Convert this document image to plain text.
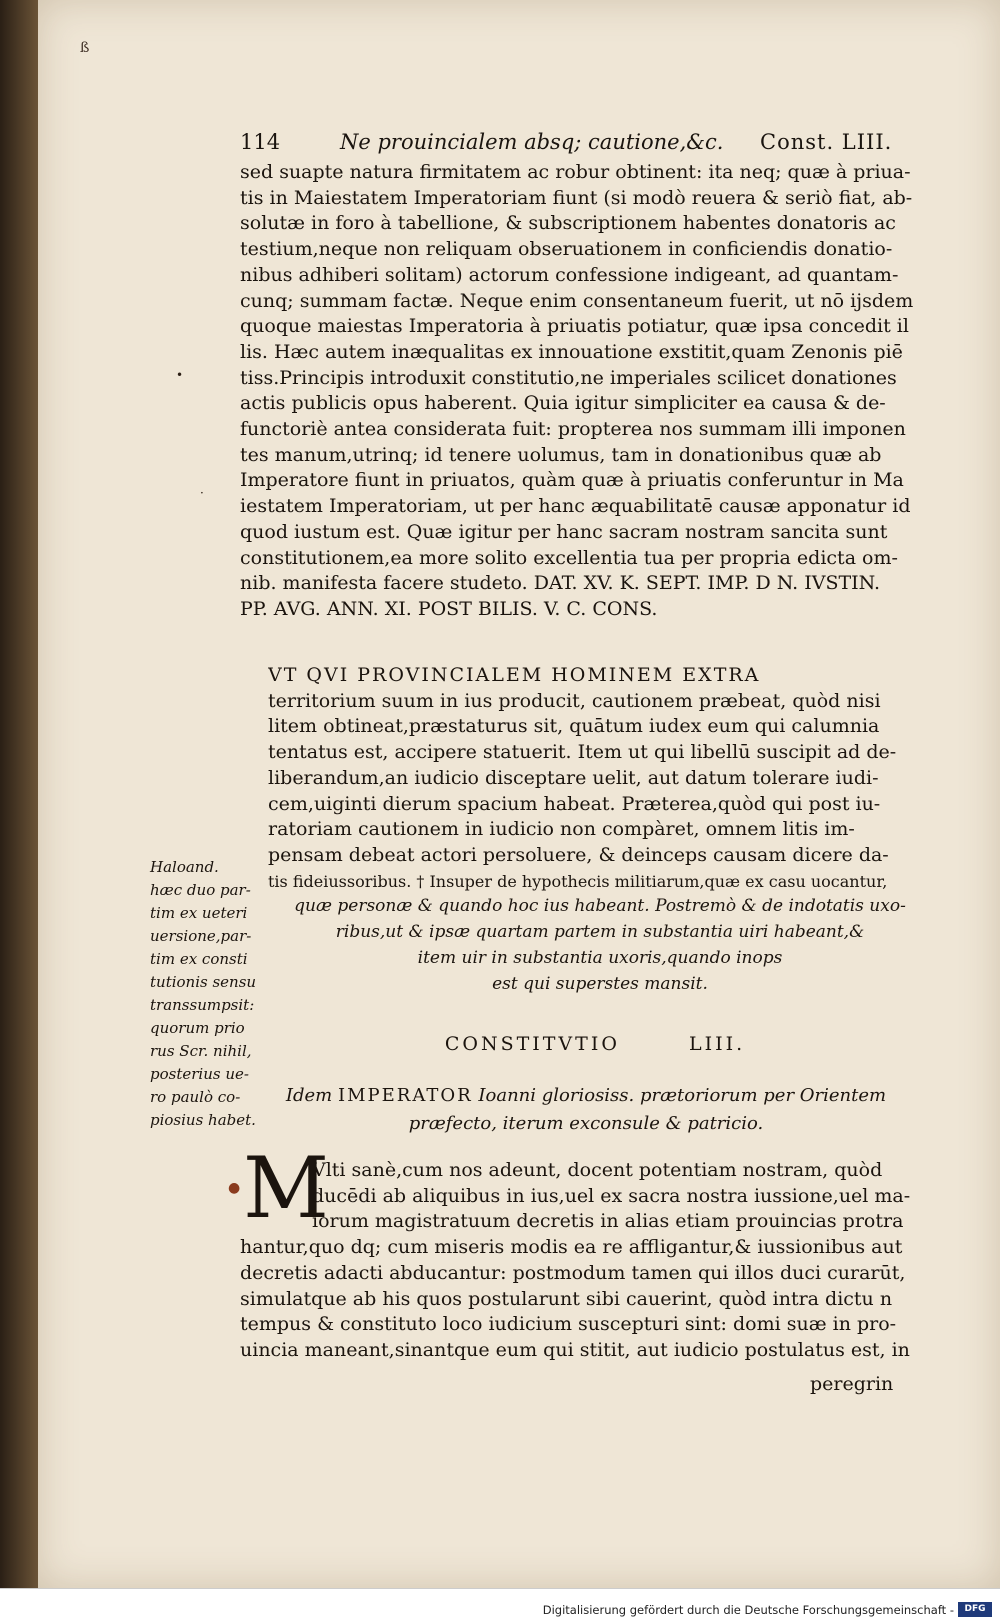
ß
114	Ne prouincialem absq; cautione,&c. Const. LIII.
sed suapte natura firmitatem ac robur obtinent: ita neq; quæ à priua-
tis in Maiestatem Imperatoriam fiunt (si modò reuera & seriò fiat, ab-
solutæ in foro à tabellione, & subscriptionem habentes donatoris ac
testium,neque non reliquam obseruationem in conficiendis donatio-
nibus adhiberi solitam) actorum confessione indigeant, ad quantam-
cunq; summam factæ. Neque enim consentaneum fuerit, ut nō ijsdem
quoque maiestas Imperatoria à priuatis potiatur, quæ ipsa concedit il
lis. Hæc autem inæqualitas ex innouatione exstitit,quam Zenonis piē
tiss.Principis introduxit constitutio,ne imperiales scilicet donationes
actis publicis opus haberent. Quia igitur simpliciter ea causa & de-
functoriè antea considerata fuit: propterea nos summam illi imponen
tes manum,utrinq; id tenere uolumus, tam in donationibus quæ ab
Imperatore fiunt in priuatos, quàm quæ à priuatis conferuntur in Ma
iestatem Imperatoriam, ut per hanc æquabilitatē causæ apponatur id
quod iustum est. Quæ igitur per hanc sacram nostram sancita sunt
constitutionem,ea more solito excellentia tua per propria edicta om-
nib. manifesta facere studeto. DAT. XV. K. SEPT. IMP. D N. IVSTIN.
PP. AVG. ANN. XI. POST BILIS. V. C. CONS.
•
·
VT QVI PROVINCIALEM HOMINEM EXTRA
territorium suum in ius producit, cautionem præbeat, quòd nisi
litem obtineat,præstaturus sit, quātum iudex eum qui calumnia
tentatus est, accipere statuerit. Item ut qui libellū suscipit ad de-
liberandum,an iudicio disceptare uelit, aut datum tolerare iudi-
cem,uiginti dierum spacium habeat. Præterea,quòd qui post iu-
ratoriam cautionem in iudicio non compàret, omnem litis im-
pensam debeat actori persoluere, & deinceps causam dicere da-
tis fideiussoribus. † Insuper de hypothecis militiarum,quæ ex casu uocantur,
quæ personæ & quando hoc ius habeant. Postremò & de indotatis uxo-
ribus,ut & ipsæ quartam partem in substantia uiri habeant,&
item uir in substantia uxoris,quando inops
est qui superstes mansit.
Haloand.
hæc duo par-
tim ex ueteri
uersione,par-
tim ex consti
tutionis sensu
transsumpsit:
quorum prio
rus Scr. nihil,
posterius ue-
ro paulò co-
piosius habet.
CONSTITVTIO	LIII.
Idem IMPERATOR Ioanni gloriosiss. prætoriorum per Orientem
præfecto, iterum exconsule & patricio.
● M
Vlti sanè,cum nos adeunt, docent potentiam nostram, quòd
ducēdi ab aliquibus in ius,uel ex sacra nostra iussione,uel ma-
iorum magistratuum decretis in alias etiam prouincias protra
hantur,quo dq; cum miseris modis ea re affligantur,& iussionibus aut
decretis adacti abducantur: postmodum tamen qui illos duci curarūt,
simulatque ab his quos postularunt sibi cauerint, quòd intra dictu n
tempus & constituto loco iudicium suscepturi sint: domi suæ in pro-
uincia maneant,sinantque eum qui stitit, aut iudicio postulatus est, in
peregrin
Digitalisierung gefördert durch die Deutsche Forschungsgemeinschaft -	DFG
